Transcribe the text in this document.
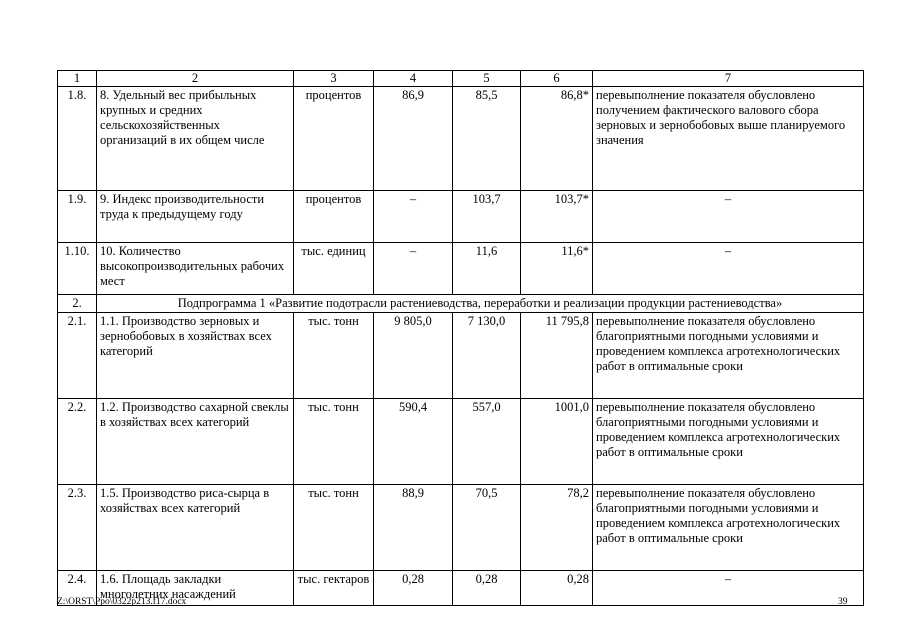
1	2	3	4	5	6	7
1.8.	8. Удельный вес прибыльных крупных и средних сельскохозяйственных организаций в их общем числе	процентов	86,9	85,5	86,8*	перевыполнение показателя обусловлено получением фактического валового сбора зерновых и зернобобовых выше планируемого значения
1.9.	9. Индекс производительности труда к предыдущему году	процентов	–	103,7	103,7*	–
1.10.	10. Количество высокопроизводительных рабочих мест	тыс. единиц	–	11,6	11,6*	–
2.	Подпрограмма 1 «Развитие подотрасли растениеводства, переработки и реализации продукции растениеводства»					
2.1.	1.1. Производство зерновых и зернобобовых в хозяйствах всех категорий	тыс. тонн	9 805,0	7 130,0	11 795,8	перевыполнение показателя обусловлено благоприятными погодными условиями и проведением комплекса агротехнологических работ в оптимальные сроки
2.2.	1.2. Производство сахарной свеклы в хозяйствах всех категорий	тыс. тонн	590,4	557,0	1001,0	перевыполнение показателя обусловлено благоприятными погодными условиями и проведением комплекса агротехнологических работ в оптимальные сроки
2.3.	1.5. Производство риса-сырца в хозяйствах всех категорий	тыс. тонн	88,9	70,5	78,2	перевыполнение показателя обусловлено благоприятными погодными условиями и проведением комплекса агротехнологических работ в оптимальные сроки
2.4.	1.6. Площадь закладки многолетних насаждений	тыс. гектаров	0,28	0,28	0,28	–
Z:\ORST\Ppo\0322p213.f17.docx	39
